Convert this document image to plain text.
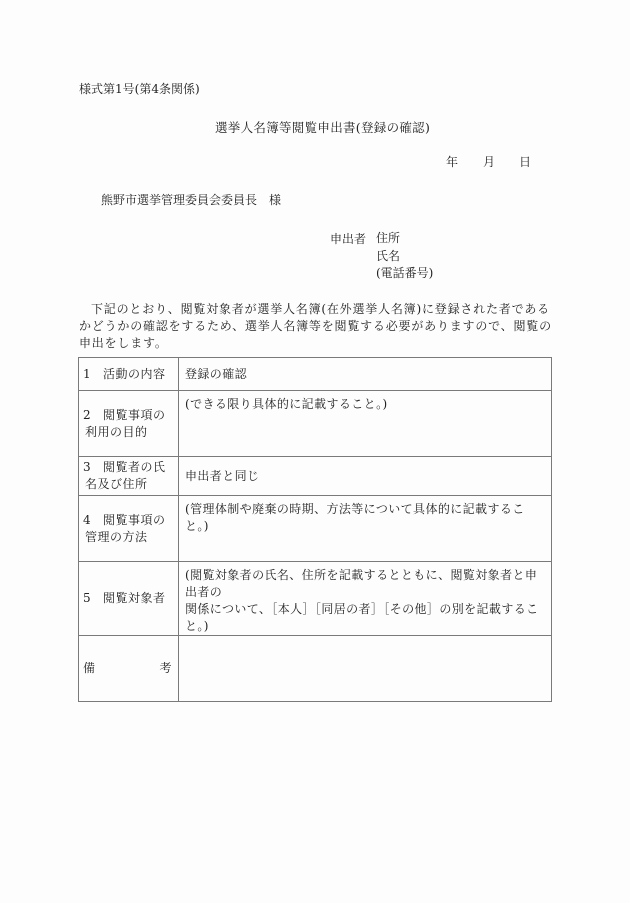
様式第1号(第4条関係)
選挙人名簿等閲覧申出書(登録の確認)
年 月 日
熊野市選挙管理委員会委員長　様
申出者 住所
氏名
(電話番号)
下記のとおり、閲覧対象者が選挙人名簿(在外選挙人名簿)に登録された者であるかどうかの確認をするため、選挙人名簿等を閲覧する必要がありますので、閲覧の申出をします。
1 活動の内容	登録の確認

2 閲覧事項の
利用の目的	(できる限り具体的に記載すること。)

3 閲覧者の氏
名及び住所	申出者と同じ

4 閲覧事項の
管理の方法	(管理体制や廃棄の時期、方法等について具体的に記載すること。)
5 閲覧対象者	(閲覧対象者の氏名、住所を記載するとともに、閲覧対象者と申出者の
関係について、［本人］［同居の者］［その他］の別を記載するこ
と。)

備 考	
